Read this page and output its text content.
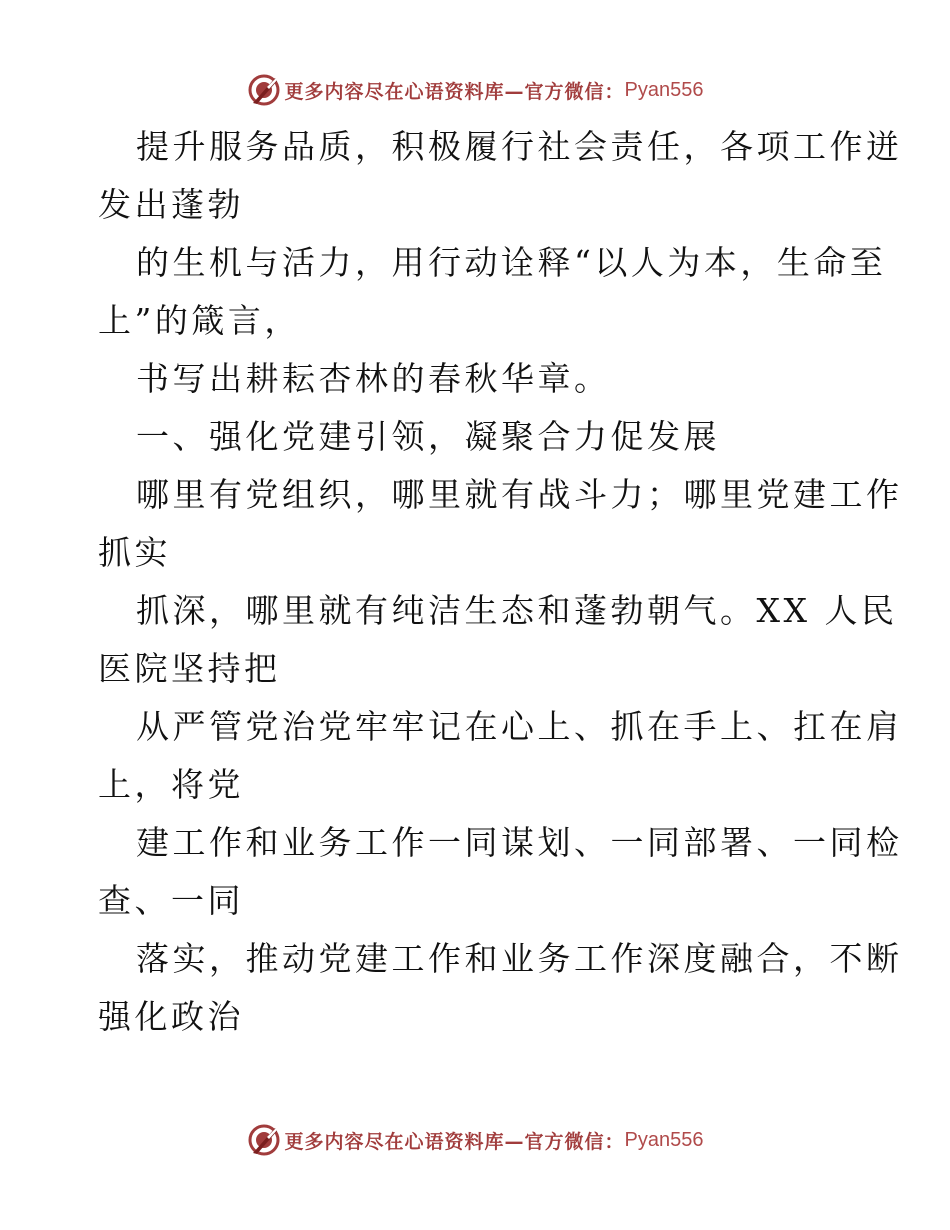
更多内容尽在心语资料库—官方微信： Pyan556
提升服务品质，积极履行社会责任，各项工作迸
发出蓬勃
的生机与活力，用行动诠释“以人为本，生命至
上”的箴言，
书写出耕耘杏林的春秋华章。
一、强化党建引领，凝聚合力促发展
哪里有党组织，哪里就有战斗力；哪里党建工作
抓实
抓深，哪里就有纯洁生态和蓬勃朝气。XX 人民
医院坚持把
从严管党治党牢牢记在心上、抓在手上、扛在肩
上，将党
建工作和业务工作一同谋划、一同部署、一同检
查、一同
落实，推动党建工作和业务工作深度融合，不断
强化政治
更多内容尽在心语资料库—官方微信： Pyan556
